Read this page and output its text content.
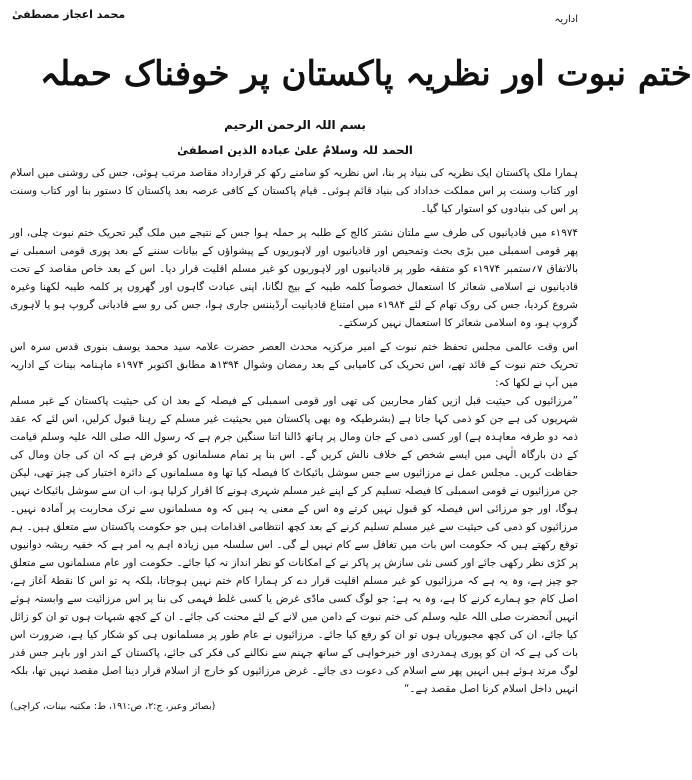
محمد اعجاز مصطفیٰ	اداریہ
ختم نبوت اور نظریہ پاکستان پر خوفناک حملہ
بسم اللہ الرحمن الرحیم
الحمد للہ وسلامٌ علیٰ عبادہ الذین اصطفیٰ

ہمارا ملک پاکستان ایک نظریہ کی بنیاد پر بنا، اس نظریہ کو سامنے رکھ کر قرارداد مقاصد مرتب ہوئی، جس کی روشنی میں اسلام اور کتاب وسنت پر اس مملکت خداداد کی بنیاد قائم ہوئی۔ قیام پاکستان کے کافی عرصہ بعد پاکستان کا دستور بنا اور کتاب وسنت پر اس کی بنیادوں کو استوار کیا گیا۔

۱۹۷۴ء میں قادیانیوں کی طرف سے ملتان نشتر کالج کے طلبہ پر حملہ ہوا جس کے نتیجے میں ملک گیر تحریک ختم نبوت چلی، اور پھر قومی اسمبلی میں بڑی بحث وتمحیص اور قادیانیوں اور لاہوریوں کے پیشواؤں کے بیانات سننے کے بعد پوری قومی اسمبلی نے بالاتفاق ۷؍ستمبر ۱۹۷۴ء کو متفقہ طور پر قادیانیوں اور لاہوریوں کو غیر مسلم اقلیت قرار دیا۔ اس کے بعد خاص مقاصد کے تحت قادیانیوں نے اسلامی شعائر کا استعمال خصوصاً کلمہ طیبہ کے بیج لگانا، اپنی عبادت گاہوں اور گھروں پر کلمہ طیبہ لکھنا وغیرہ شروع کردیا، جس کی روک تھام کے لئے ۱۹۸۴ء میں امتناع قادیانیت آرڈیننس جاری ہوا، جس کی رو سے قادیانی گروپ ہو یا لاہوری گروپ ہو، وہ اسلامی شعائر کا استعمال نہیں کرسکتے۔

اس وقت عالمی مجلس تحفظ ختم نبوت کے امیر مرکزیہ محدث العصر حضرت علامہ سید محمد یوسف بنوری قدس سرہ اس تحریک ختم نبوت کے قائد تھے، اس تحریک کی کامیابی کے بعد رمضان وشوال ۱۳۹۴ھ مطابق اکتوبر ۱۹۷۴ء ماہنامہ بینات کے اداریہ میں آپ نے لکھا کہ:

”مرزائیوں کی حیثیت قبل ازیں کفار محاربین کی تھی اور قومی اسمبلی کے فیصلہ کے بعد ان کی حیثیت پاکستان کے غیر مسلم شہریوں کی ہے جن کو ذمی کہا جاتا ہے (بشرطیکہ وہ بھی پاکستان میں بحیثیت غیر مسلم کے رہنا قبول کرلیں، اس لئے کہ عقد ذمہ دو طرفہ معاہدہ ہے) اور کسی ذمی کے جان ومال پر ہاتھ ڈالنا اتنا سنگین جرم ہے کہ رسول اللہ صلی اللہ علیہ وسلم قیامت کے دن بارگاہ الٰہی میں ایسے شخص کے خلاف نالش کریں گے۔ اس بنا پر تمام مسلمانوں کو فرض ہے کہ ان کی جان ومال کی حفاظت کریں۔ مجلس عمل نے مرزائیوں سے جس سوشل بائیکاٹ کا فیصلہ کیا تھا وہ مسلمانوں کے دائرہ اختیار کی چیز تھی، لیکن جن مرزائیوں نے قومی اسمبلی کا فیصلہ تسلیم کر کے اپنے غیر مسلم شہری ہونے کا اقرار کرلیا ہو، اب ان سے سوشل بائیکاٹ نہیں ہوگا، اور جو مرزائی اس فیصلہ کو قبول نہیں کرتے وہ اس کے معنی یہ ہیں کہ وہ مسلمانوں سے ترک محاربت پر آمادہ نہیں۔ مرزائیوں کو ذمی کی حیثیت سے غیر مسلم تسلیم کرنے کے بعد کچھ انتظامی اقدامات ہیں جو حکومت پاکستان سے متعلق ہیں۔ ہم توقع رکھتے ہیں کہ حکومت اس بات میں تغافل سے کام نہیں لے گی۔ اس سلسلہ میں زیادہ اہم یہ امر ہے کہ خفیہ ریشہ دوانیوں پر کڑی نظر رکھی جائے اور کسی نئی سازش پر پاکر نے کے امکانات کو نظر انداز نہ کیا جائے۔ حکومت اور عام مسلمانوں سے متعلق جو چیز ہے، وہ یہ ہے کہ مرزائیوں کو غیر مسلم اقلیت قرار دے کر ہمارا کام ختم نہیں ہوجاتا، بلکہ یہ تو اس کا نقطۂ آغاز ہے، اصل کام جو ہمارے کرنے کا ہے، وہ یہ ہے: جو لوگ کسی مادّی غرض یا کسی غلط فہمی کی بنا پر اس مرزائیت سے وابستہ ہوئے انہیں آنحضرت صلی اللہ علیہ وسلم کی ختم نبوت کے دامن میں لانے کے لئے محنت کی جائے۔ ان کے کچھ شبہات ہوں تو ان کو زائل کیا جائے، ان کی کچھ مجبوریاں ہوں تو ان کو رفع کیا جائے۔ مرزائیوں نے عام طور پر مسلمانوں ہی کو شکار کیا ہے، ضرورت اس بات کی ہے کہ ان کو پوری ہمدردی اور خیرخواہی کے ساتھ جہنم سے نکالنے کی فکر کی جائے، پاکستان کے اندر اور باہر جس قدر لوگ مرتد ہوئے ہیں انہیں پھر سے اسلام کی دعوت دی جائے۔ غرض مرزائیوں کو خارج از اسلام قرار دینا اصل مقصد نہیں تھا، بلکہ انہیں داخل اسلام کرنا اصل مقصد ہے۔“

(بصائر وعبر، ج:۲، ص:۱۹۱، ط: مکتبہ بینات، کراچی)
